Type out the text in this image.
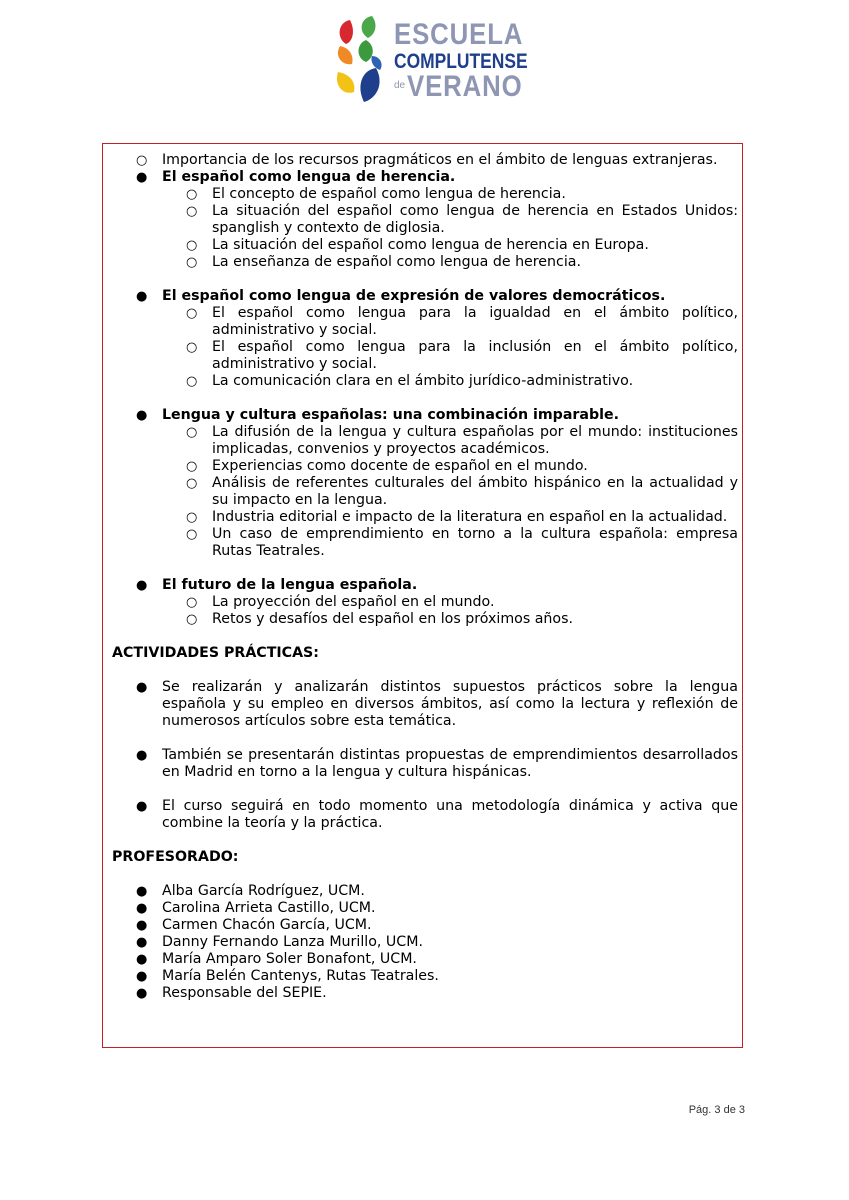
ESCUELA
COMPLUTENSE
de VERANO
○ Importancia de los recursos pragmáticos en el ámbito de lenguas extranjeras.
● El español como lengua de herencia.
○ El concepto de español como lengua de herencia.
○ La situación del español como lengua de herencia en Estados Unidos: spanglish y contexto de diglosia.
○ La situación del español como lengua de herencia en Europa.
○ La enseñanza de español como lengua de herencia.
● El español como lengua de expresión de valores democráticos.
○ El español como lengua para la igualdad en el ámbito político, administrativo y social.
○ El español como lengua para la inclusión en el ámbito político, administrativo y social.
○ La comunicación clara en el ámbito jurídico-administrativo.
● Lengua y cultura españolas: una combinación imparable.
○ La difusión de la lengua y cultura españolas por el mundo: instituciones implicadas, convenios y proyectos académicos.
○ Experiencias como docente de español en el mundo.
○ Análisis de referentes culturales del ámbito hispánico en la actualidad y su impacto en la lengua.
○ Industria editorial e impacto de la literatura en español en la actualidad.
○ Un caso de emprendimiento en torno a la cultura española: empresa Rutas Teatrales.
● El futuro de la lengua española.
○ La proyección del español en el mundo.
○ Retos y desafíos del español en los próximos años.
ACTIVIDADES PRÁCTICAS:
● Se realizarán y analizarán distintos supuestos prácticos sobre la lengua española y su empleo en diversos ámbitos, así como la lectura y reflexión de numerosos artículos sobre esta temática.
● También se presentarán distintas propuestas de emprendimientos desarrollados en Madrid en torno a la lengua y cultura hispánicas.
● El curso seguirá en todo momento una metodología dinámica y activa que combine la teoría y la práctica.
PROFESORADO:
● Alba García Rodríguez, UCM.
● Carolina Arrieta Castillo, UCM.
● Carmen Chacón García, UCM.
● Danny Fernando Lanza Murillo, UCM.
● María Amparo Soler Bonafont, UCM.
● María Belén Cantenys, Rutas Teatrales.
● Responsable del SEPIE.
Pág. 3 de 3
